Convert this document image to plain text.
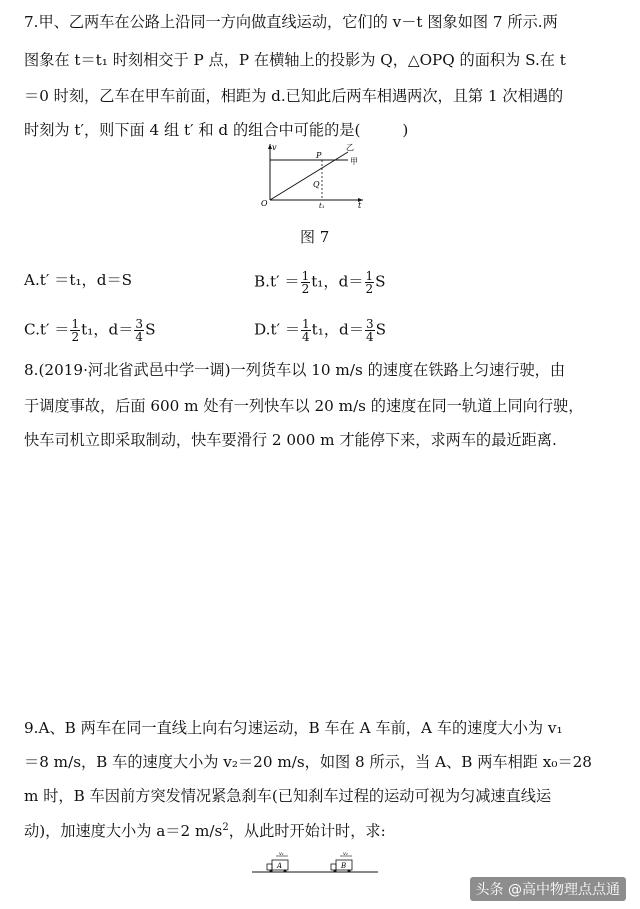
7.甲、乙两车在公路上沿同一方向做直线运动，它们的 v－t 图象如图 7 所示.两
图象在 t＝t₁ 时刻相交于 P 点，P 在横轴上的投影为 Q，△OPQ 的面积为 S.在 t
＝0 时刻，乙车在甲车前面，相距为 d.已知此后两车相遇两次，且第 1 次相遇的
时刻为 t′，则下面 4 组 t′ 和 d 的组合中可能的是(	)
v
t
O
P
Q
t₁
乙
甲
图 7
A.t′ ＝t₁，d＝S	$B.t' = \frac{1}{2} t_1$，$d= \frac{1}{2}$ S
$C.t' = \frac{1}{2} t_1$，$d= \frac{3}{4}$ S	$D.t' = \frac{1}{4} t_1$，$d= \frac{3}{4}$ S
8.(2019·河北省武邑中学一调)一列货车以 10 m/s 的速度在铁路上匀速行驶，由
于调度事故，后面 600 m 处有一列快车以 20 m/s 的速度在同一轨道上同向行驶，
快车司机立即采取制动，快车要滑行 2 000 m 才能停下来，求两车的最近距离.
9.A、B 两车在同一直线上向右匀速运动，B 车在 A 车前，A 车的速度大小为 v₁
＝8 m/s，B 车的速度大小为 v₂＝20 m/s，如图 8 所示，当 A、B 两车相距 x₀＝28
m 时，B 车因前方突发情况紧急刹车(已知刹车过程的运动可视为匀减速直线运
动)，加速度大小为 a＝2 $m/s^2$，从此时开始计时，求:
A
v₁
B
v₂
头条 @高中物理点点通
